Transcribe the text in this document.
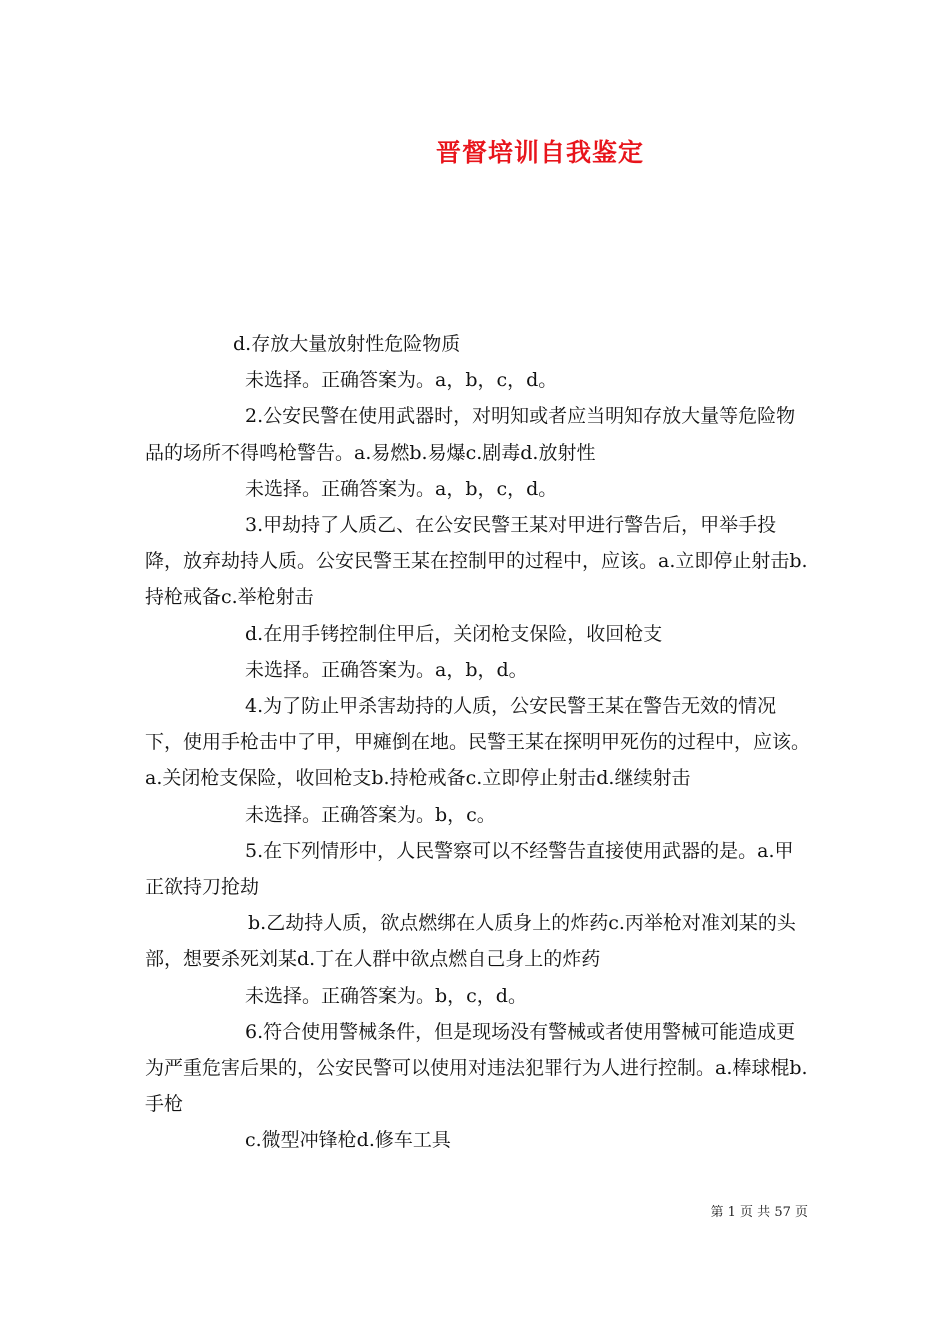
晋督培训自我鉴定

d.存放大量放射性危险物质

未选择。正确答案为。a，b，c，d。

2.公安民警在使用武器时，对明知或者应当明知存放大量等危险物品的场所不得鸣枪警告。a.易燃b.易爆c.剧毒d.放射性

未选择。正确答案为。a，b，c，d。

3.甲劫持了人质乙、在公安民警王某对甲进行警告后，甲举手投降，放弃劫持人质。公安民警王某在控制甲的过程中，应该。a.立即停止射击b.持枪戒备c.举枪射击

d.在用手铐控制住甲后，关闭枪支保险，收回枪支

未选择。正确答案为。a，b，d。

4.为了防止甲杀害劫持的人质，公安民警王某在警告无效的情况下，使用手枪击中了甲，甲瘫倒在地。民警王某在探明甲死伤的过程中，应该。a.关闭枪支保险，收回枪支b.持枪戒备c.立即停止射击d.继续射击

未选择。正确答案为。b，c。

5.在下列情形中，人民警察可以不经警告直接使用武器的是。a.甲正欲持刀抢劫

b.乙劫持人质，欲点燃绑在人质身上的炸药c.丙举枪对准刘某的头部，想要杀死刘某d.丁在人群中欲点燃自己身上的炸药

未选择。正确答案为。b，c，d。

6.符合使用警械条件，但是现场没有警械或者使用警械可能造成更为严重危害后果的，公安民警可以使用对违法犯罪行为人进行控制。a.棒球棍b.手枪

c.微型冲锋枪d.修车工具

第 1 页 共 57 页
